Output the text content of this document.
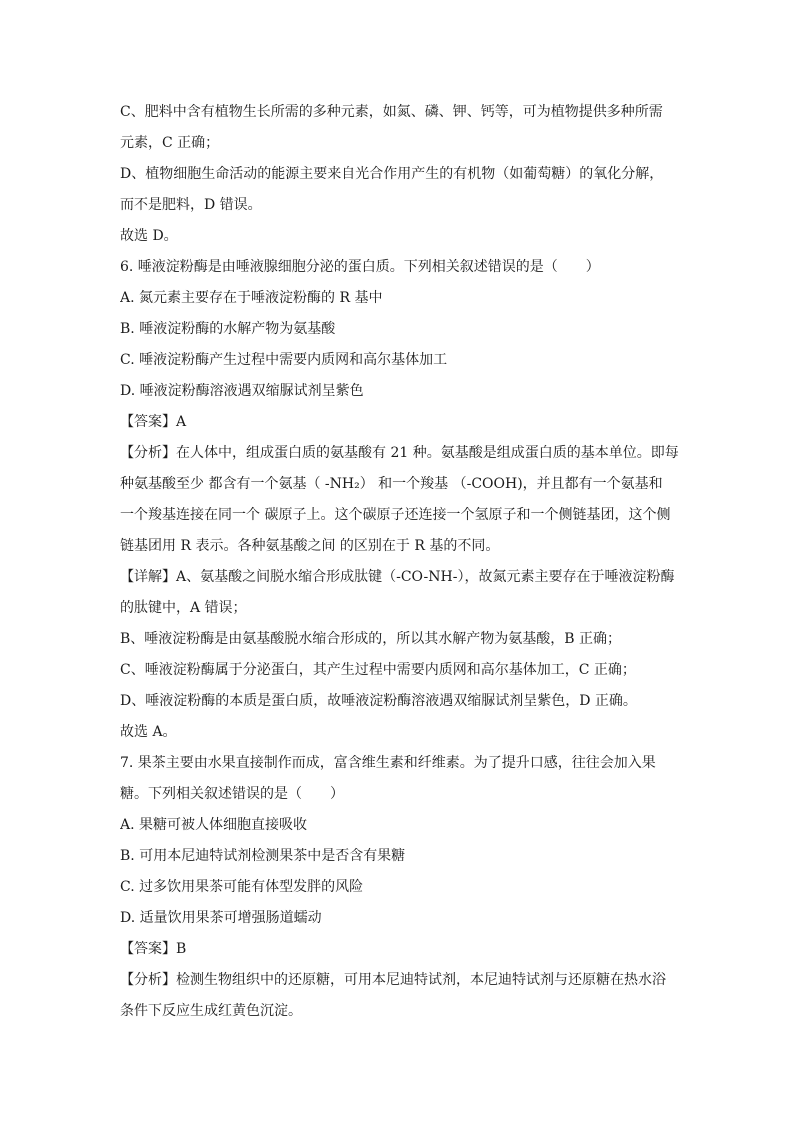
C、肥料中含有植物生长所需的多种元素，如氮、磷、钾、钙等，可为植物提供多种所需
元素，C 正确；
D、植物细胞生命活动的能源主要来自光合作用产生的有机物（如葡萄糖）的氧化分解，
而不是肥料，D 错误。
故选 D。
6. 唾液淀粉酶是由唾液腺细胞分泌的蛋白质。下列相关叙述错误的是（　　）
A. 氮元素主要存在于唾液淀粉酶的 R 基中
B. 唾液淀粉酶的水解产物为氨基酸
C. 唾液淀粉酶产生过程中需要内质网和高尔基体加工
D. 唾液淀粉酶溶液遇双缩脲试剂呈紫色
【答案】A
【分析】在人体中，组成蛋白质的氨基酸有 21 种。氨基酸是组成蛋白质的基本单位。即每
种氨基酸至少 都含有一个氨基（ -NH₂） 和一个羧基 （-COOH)，并且都有一个氨基和
一个羧基连接在同一个 碳原子上。这个碳原子还连接一个氢原子和一个侧链基团，这个侧
链基团用 R 表示。各种氨基酸之间 的区别在于 R 基的不同。
【详解】A、氨基酸之间脱水缩合形成肽键（-CO-NH-），故氮元素主要存在于唾液淀粉酶
的肽键中，A 错误；
B、唾液淀粉酶是由氨基酸脱水缩合形成的，所以其水解产物为氨基酸，B 正确；
C、唾液淀粉酶属于分泌蛋白，其产生过程中需要内质网和高尔基体加工，C 正确；
D、唾液淀粉酶的本质是蛋白质，故唾液淀粉酶溶液遇双缩脲试剂呈紫色，D 正确。
故选 A。
7. 果茶主要由水果直接制作而成，富含维生素和纤维素。为了提升口感，往往会加入果
糖。下列相关叙述错误的是（　　）
A. 果糖可被人体细胞直接吸收
B. 可用本尼迪特试剂检测果茶中是否含有果糖
C. 过多饮用果茶可能有体型发胖的风险
D. 适量饮用果茶可增强肠道蠕动
【答案】B
【分析】检测生物组织中的还原糖，可用本尼迪特试剂，本尼迪特试剂与还原糖在热水浴
条件下反应生成红黄色沉淀。
